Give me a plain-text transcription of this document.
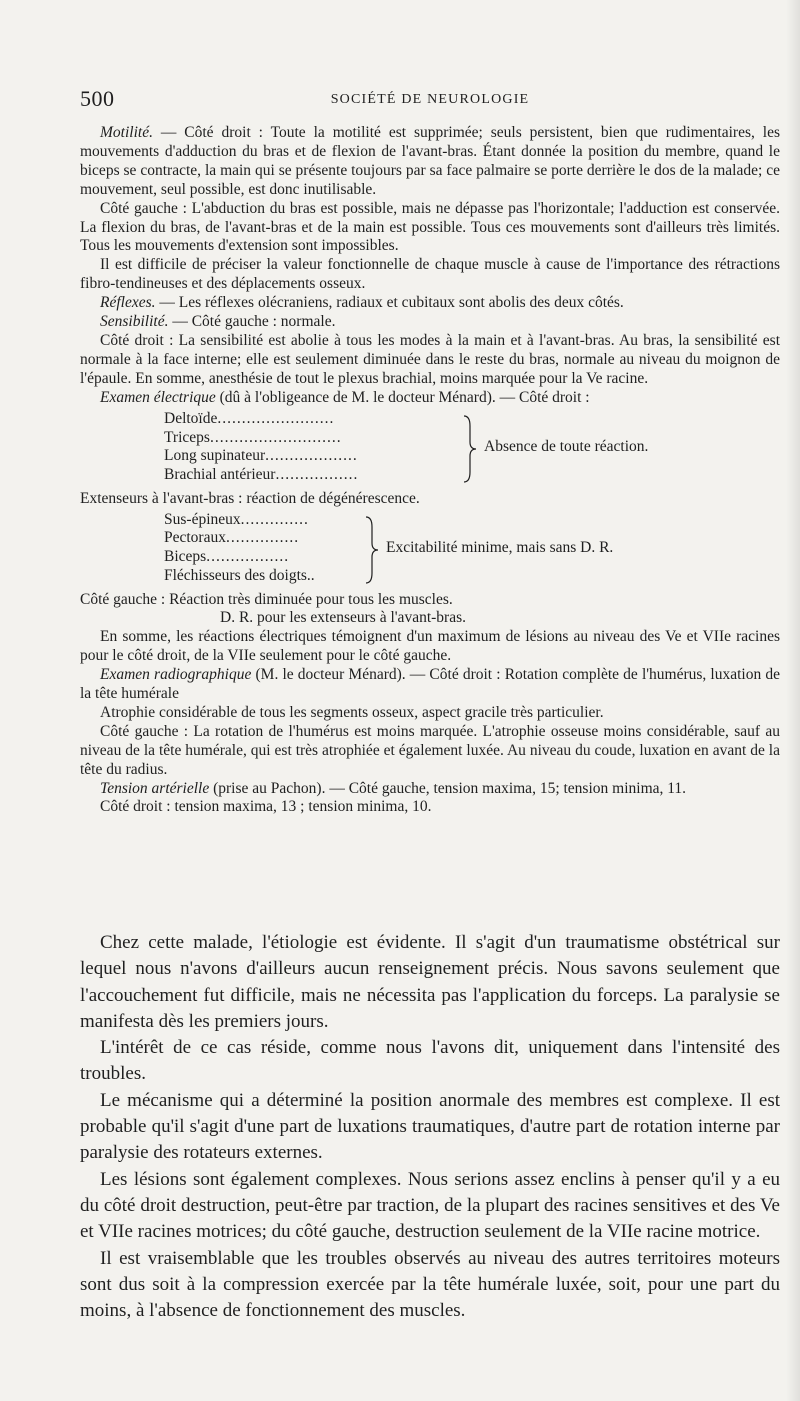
500	SOCIÉTÉ DE NEUROLOGIE

Motilité. — Côté droit : Toute la motilité est supprimée; seuls persistent, bien que rudimentaires, les mouvements d'adduction du bras et de flexion de l'avant-bras. Étant donnée la position du membre, quand le biceps se contracte, la main qui se présente toujours par sa face palmaire se porte derrière le dos de la malade; ce mouvement, seul possible, est donc inutilisable.

Côté gauche : L'abduction du bras est possible, mais ne dépasse pas l'horizontale; l'adduction est conservée. La flexion du bras, de l'avant-bras et de la main est possible. Tous ces mouvements sont d'ailleurs très limités. Tous les mouvements d'extension sont impossibles.

Il est difficile de préciser la valeur fonctionnelle de chaque muscle à cause de l'importance des rétractions fibro-tendineuses et des déplacements osseux.

Réflexes. — Les réflexes olécraniens, radiaux et cubitaux sont abolis des deux côtés.

Sensibilité. — Côté gauche : normale.

Côté droit : La sensibilité est abolie à tous les modes à la main et à l'avant-bras. Au bras, la sensibilité est normale à la face interne; elle est seulement diminuée dans le reste du bras, normale au niveau du moignon de l'épaule. En somme, anesthésie de tout le plexus brachial, moins marquée pour la Ve racine.

Examen électrique (dû à l'obligeance de M. le docteur Ménard). — Côté droit :

Deltoïde ........................
Triceps ...........................
Long supinateur ...................
Brachial antérieur .................
Absence de toute réaction.

Extenseurs à l'avant-bras : réaction de dégénérescence.

Sus-épineux ..............
Pectoraux ...............
Biceps .................
Fléchisseurs des doigts..
Excitabilité minime, mais sans D. R.

Côté gauche : Réaction très diminuée pour tous les muscles.

D. R. pour les extenseurs à l'avant-bras.

En somme, les réactions électriques témoignent d'un maximum de lésions au niveau des Ve et VIIe racines pour le côté droit, de la VIIe seulement pour le côté gauche.

Examen radiographique (M. le docteur Ménard). — Côté droit : Rotation complète de l'humérus, luxation de la tête humérale

Atrophie considérable de tous les segments osseux, aspect gracile très particulier.

Côté gauche : La rotation de l'humérus est moins marquée. L'atrophie osseuse moins considérable, sauf au niveau de la tête humérale, qui est très atrophiée et également luxée. Au niveau du coude, luxation en avant de la tête du radius.

Tension artérielle (prise au Pachon). — Côté gauche, tension maxima, 15; tension minima, 11.

Côté droit : tension maxima, 13 ; tension minima, 10.

Chez cette malade, l'étiologie est évidente. Il s'agit d'un traumatisme obstétrical sur lequel nous n'avons d'ailleurs aucun renseignement précis. Nous savons seulement que l'accouchement fut difficile, mais ne nécessita pas l'application du forceps. La paralysie se manifesta dès les premiers jours.

L'intérêt de ce cas réside, comme nous l'avons dit, uniquement dans l'intensité des troubles.

Le mécanisme qui a déterminé la position anormale des membres est complexe. Il est probable qu'il s'agit d'une part de luxations traumatiques, d'autre part de rotation interne par paralysie des rotateurs externes.

Les lésions sont également complexes. Nous serions assez enclins à penser qu'il y a eu du côté droit destruction, peut-être par traction, de la plupart des racines sensitives et des Ve et VIIe racines motrices; du côté gauche, destruction seulement de la VIIe racine motrice.

Il est vraisemblable que les troubles observés au niveau des autres territoires moteurs sont dus soit à la compression exercée par la tête humérale luxée, soit, pour une part du moins, à l'absence de fonctionnement des muscles.
